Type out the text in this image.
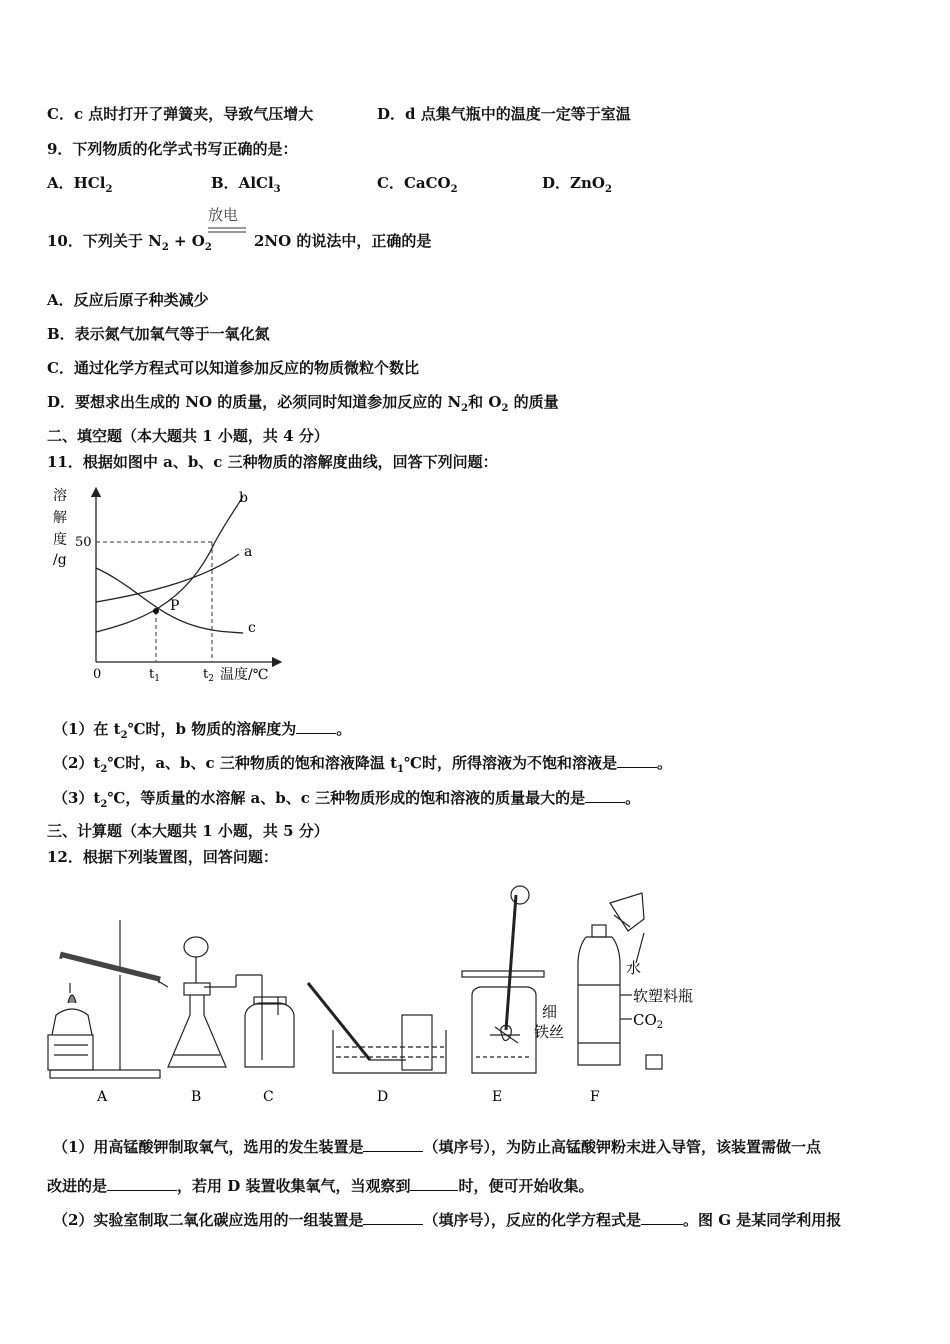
C．c 点时打开了弹簧夹，导致气压增大	D．d 点集气瓶中的温度一定等于室温
9．下列物质的化学式书写正确的是：
A．HCl$_2$	B．AlCl$_3$	C．CaCO$_2$	D．ZnO$_2$
放电
10．下列关于 $N_2 + O_2$	2NO 的说法中，正确的是
A．反应后原子种类减少
B．表示氮气加氧气等于一氧化氮
C．通过化学方程式可以知道参加反应的物质微粒个数比
D．要想求出生成的 NO 的质量，必须同时知道参加反应的 $N_2$和 $O_2$ 的质量
二、填空题（本大题共 1 小题，共 4 分）
11．根据如图中 a、b、c 三种物质的溶解度曲线，回答下列问题：
溶
解
度
/g
50
0	$t_1$	$t_2$ 温度/℃
P
b
a
c
（1）在 $t_2℃$时，b 物质的溶解度为	。
$(2)t_2℃$时，a、b、c 三种物质的饱和溶液降温 $t_1℃$时，所得溶液为不饱和溶液是	。
$(3)t_2℃$，等质量的水溶解 a、b、c 三种物质形成的饱和溶液的质量最大的是	。
三、计算题（本大题共 1 小题，共 5 分）
12．根据下列装置图，回答问题：
A	B	C	D	E	F
细
铁丝
水
软塑料瓶
$CO_2$
（1）用高锰酸钾制取氧气，选用的发生装置是	（填序号），为防止高锰酸钾粉末进入导管，该装置需做一点
改进的是	，若用 D 装置收集氧气，当观察到	时，便可开始收集。
（2）实验室制取二氧化碳应选用的一组装置是	（填序号），反应的化学方程式是	。图 G 是某同学利用报
